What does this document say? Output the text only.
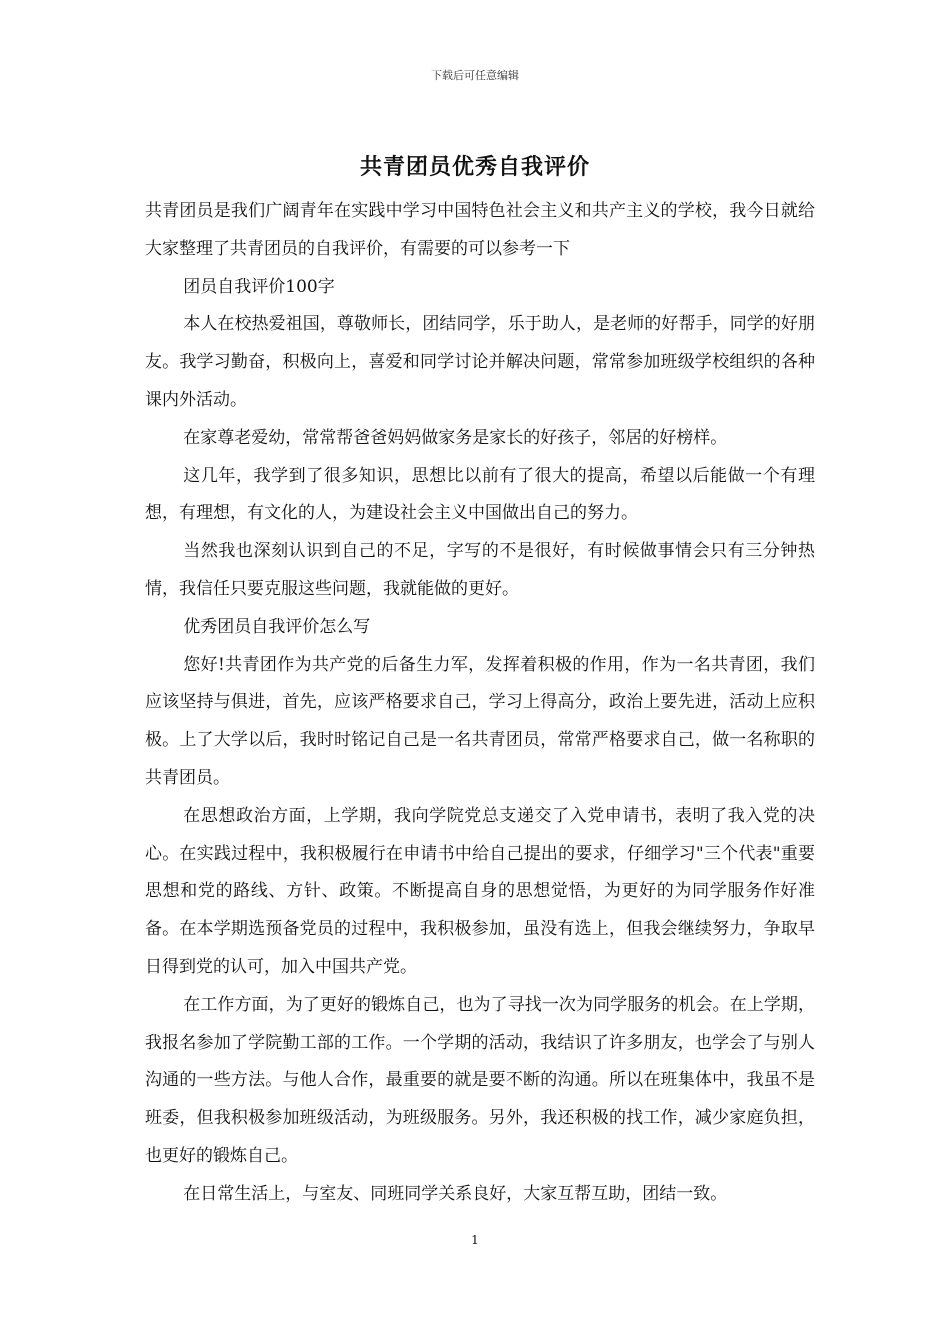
下载后可任意编辑
共青团员优秀自我评价

共青团员是我们广阔青年在实践中学习中国特色社会主义和共产主义的学校，我今日就给大家整理了共青团员的自我评价，有需要的可以参考一下

团员自我评价100字

本人在校热爱祖国，尊敬师长，团结同学，乐于助人，是老师的好帮手，同学的好朋友。我学习勤奋，积极向上，喜爱和同学讨论并解决问题，常常参加班级学校组织的各种课内外活动。

在家尊老爱幼，常常帮爸爸妈妈做家务是家长的好孩子，邻居的好榜样。

这几年，我学到了很多知识，思想比以前有了很大的提高，希望以后能做一个有理想，有理想，有文化的人，为建设社会主义中国做出自己的努力。

当然我也深刻认识到自己的不足，字写的不是很好，有时候做事情会只有三分钟热情，我信任只要克服这些问题，我就能做的更好。

优秀团员自我评价怎么写

您好!共青团作为共产党的后备生力军，发挥着积极的作用，作为一名共青团，我们应该坚持与俱进，首先，应该严格要求自己，学习上得高分，政治上要先进，活动上应积极。上了大学以后，我时时铭记自己是一名共青团员，常常严格要求自己，做一名称职的共青团员。

在思想政治方面，上学期，我向学院党总支递交了入党申请书，表明了我入党的决心。在实践过程中，我积极履行在申请书中给自己提出的要求，仔细学习"三个代表"重要思想和党的路线、方针、政策。不断提高自身的思想觉悟，为更好的为同学服务作好准备。在本学期选预备党员的过程中，我积极参加，虽没有选上，但我会继续努力，争取早日得到党的认可，加入中国共产党。

在工作方面，为了更好的锻炼自己，也为了寻找一次为同学服务的机会。在上学期，我报名参加了学院勤工部的工作。一个学期的活动，我结识了许多朋友，也学会了与别人沟通的一些方法。与他人合作，最重要的就是要不断的沟通。所以在班集体中，我虽不是班委，但我积极参加班级活动，为班级服务。另外，我还积极的找工作，减少家庭负担，也更好的锻炼自己。

在日常生活上，与室友、同班同学关系良好，大家互帮互助，团结一致。

1
